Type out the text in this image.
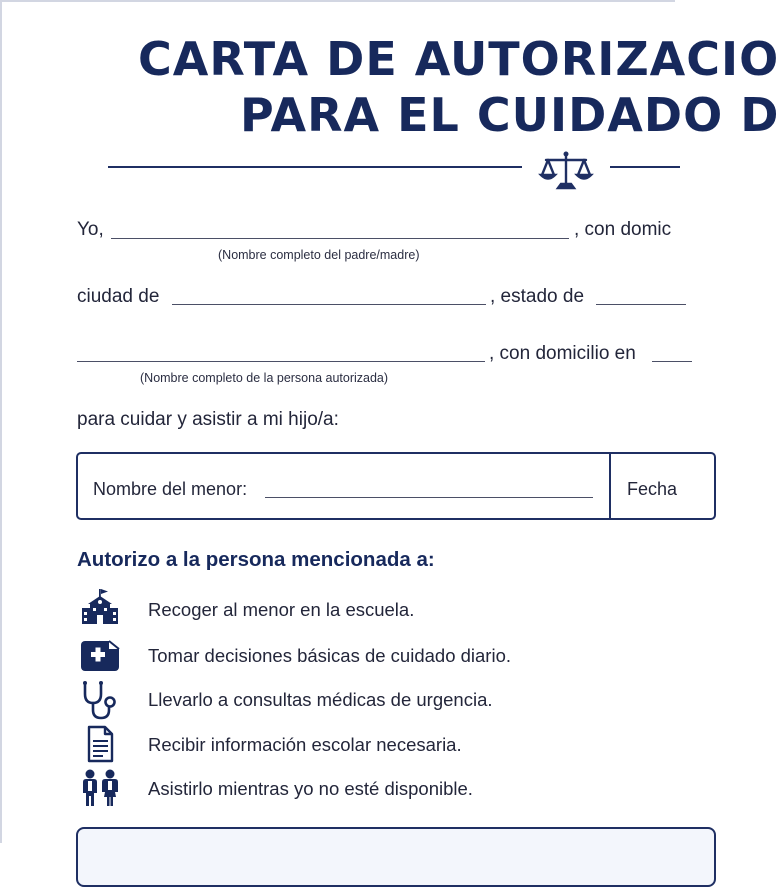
CARTA DE AUTORIZACIO
PARA EL CUIDADO D
Yo,	, con domic
(Nombre completo del padre/madre)
ciudad de	, estado de
, con domicilio en
(Nombre completo de la persona autorizada)
para cuidar y asistir a mi hijo/a:
Nombre del menor:	Fecha
Autorizo a la persona mencionada a:
Recoger al menor en la escuela.
Tomar decisiones básicas de cuidado diario.
Llevarlo a consultas médicas de urgencia.
Recibir información escolar necesaria.
Asistirlo mientras yo no esté disponible.
